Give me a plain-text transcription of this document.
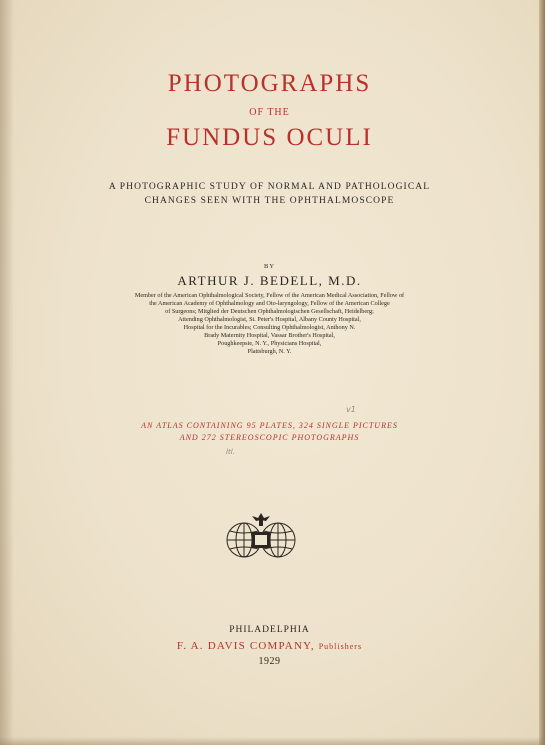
PHOTOGRAPHS
OF THE
FUNDUS OCULI
A PHOTOGRAPHIC STUDY OF NORMAL AND PATHOLOGICAL
CHANGES SEEN WITH THE OPHTHALMOSCOPE
BY
ARTHUR J. BEDELL, M.D.
Member of the American Ophthalmological Society, Fellow of the American Medical Association, Fellow of
the American Academy of Ophthalmology and Oto-laryngology, Fellow of the American College
of Surgeons; Mitglied der Deutschen Ophthalmologischen Gesellschaft, Heidelberg;
Attending Ophthalmologist, St. Peter's Hospital, Albany County Hospital,
Hospital for the Incurables; Consulting Ophthalmologist, Anthony N.
Brady Maternity Hospital, Vassar Brother's Hospital,
Poughkeepsie, N. Y., Physicians Hospital,
Plattsburgh, N. Y.
v1
AN ATLAS CONTAINING 95 PLATES, 324 SINGLE PICTURES
AND 272 STEREOSCOPIC PHOTOGRAPHS
ltl.
PHILADELPHIA
F. A. DAVIS COMPANY, Publishers
1929
